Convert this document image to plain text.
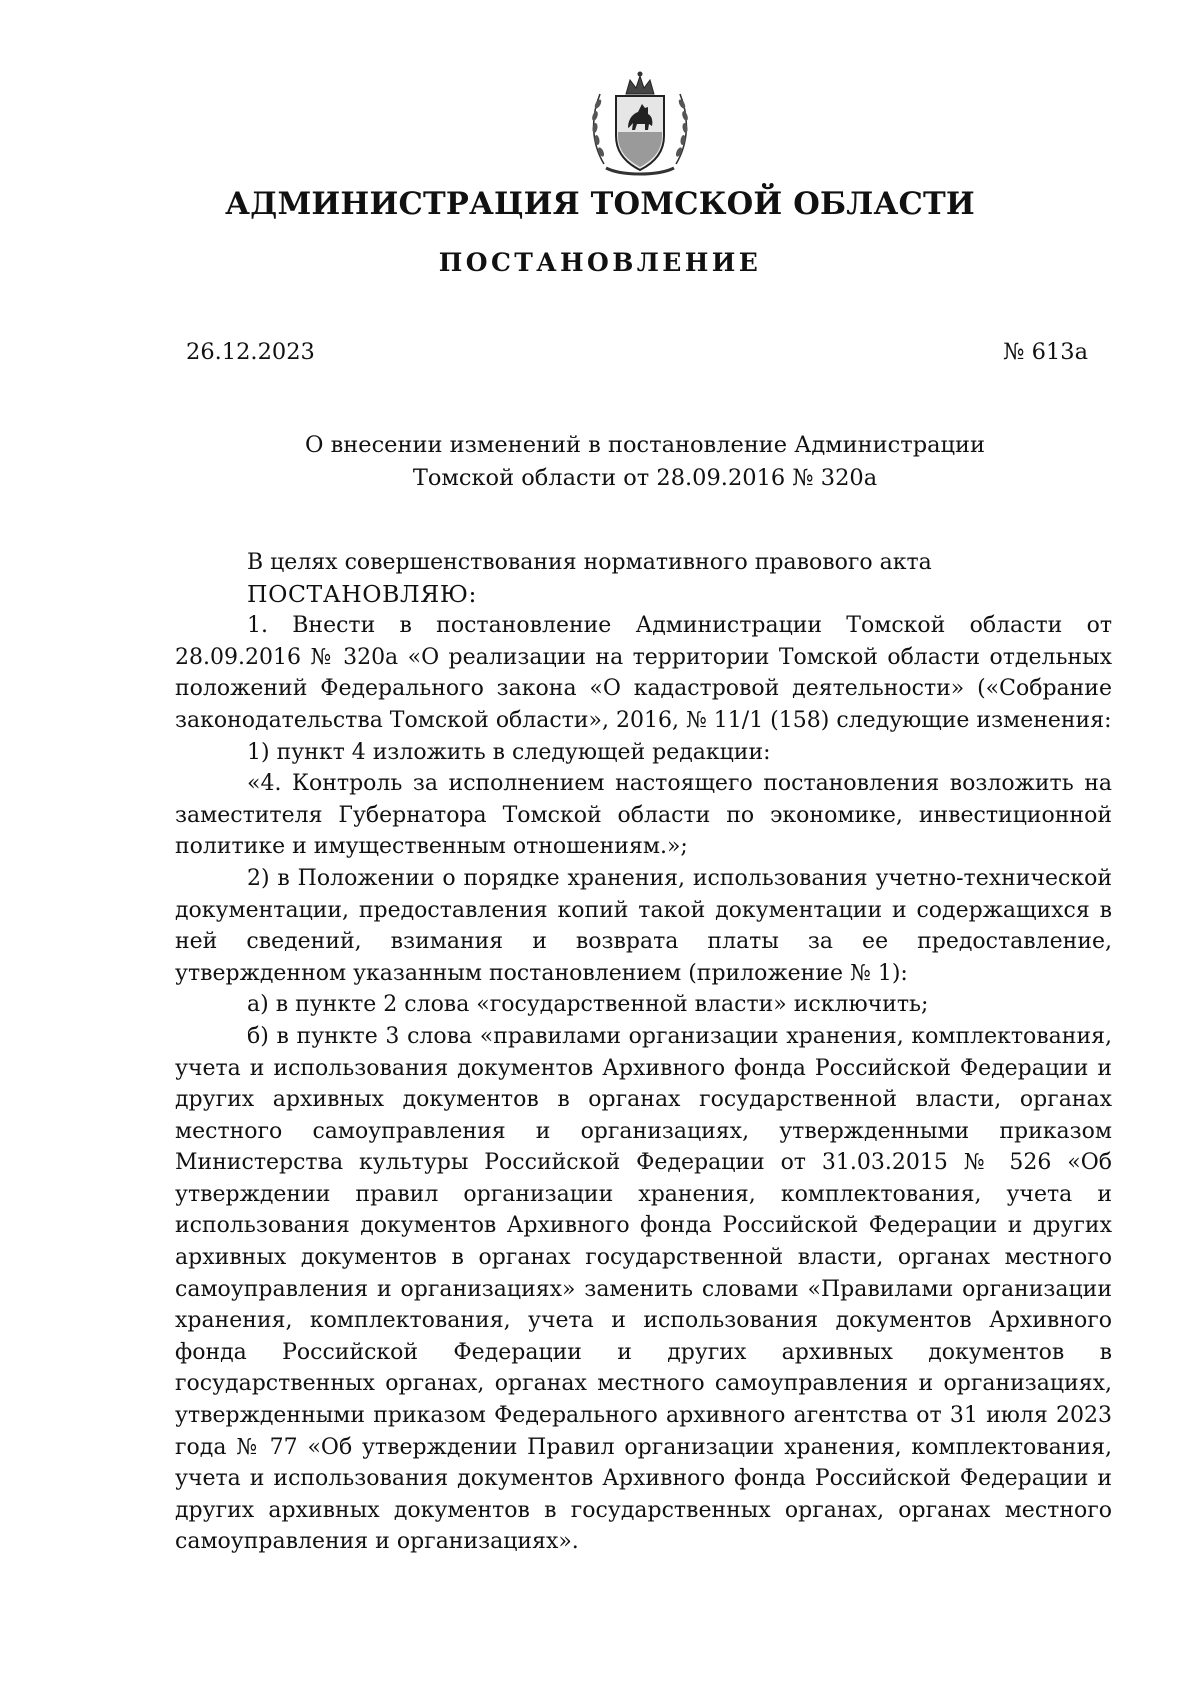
АДМИНИСТРАЦИЯ ТОМСКОЙ ОБЛАСТИ
ПОСТАНОВЛЕНИЕ
26.12.2023	№ 613а
О внесении изменений в постановление Администрации
Томской области от 28.09.2016 № 320а

В целях совершенствования нормативного правового акта

ПОСТАНОВЛЯЮ:

1. Внести в постановление Администрации Томской области от 28.09.2016 № 320а «О реализации на территории Томской области отдельных положений Федерального закона «О кадастровой деятельности» («Собрание законодательства Томской области», 2016, № 11/1 (158) следующие изменения:

1) пункт 4 изложить в следующей редакции:

«4. Контроль за исполнением настоящего постановления возложить на заместителя Губернатора Томской области по экономике, инвестиционной политике и имущественным отношениям.»;

2) в Положении о порядке хранения, использования учетно-технической документации, предоставления копий такой документации и содержащихся в ней сведений, взимания и возврата платы за ее предоставление, утвержденном указанным постановлением (приложение № 1):

а) в пункте 2 слова «государственной власти» исключить;

б) в пункте 3 слова «правилами организации хранения, комплектования, учета и использования документов Архивного фонда Российской Федерации и других архивных документов в органах государственной власти, органах местного самоуправления и организациях, утвержденными приказом Министерства культуры Российской Федерации от 31.03.2015 № 526 «Об утверждении правил организации хранения, комплектования, учета и использования документов Архивного фонда Российской Федерации и других архивных документов в органах государственной власти, органах местного самоуправления и организациях» заменить словами «Правилами организации хранения, комплектования, учета и использования документов Архивного фонда Российской Федерации и других архивных документов в государственных органах, органах местного самоуправления и организациях, утвержденными приказом Федерального архивного агентства от 31 июля 2023 года № 77 «Об утверждении Правил организации хранения, комплектования, учета и использования документов Архивного фонда Российской Федерации и других архивных документов в государственных органах, органах местного самоуправления и организациях».
